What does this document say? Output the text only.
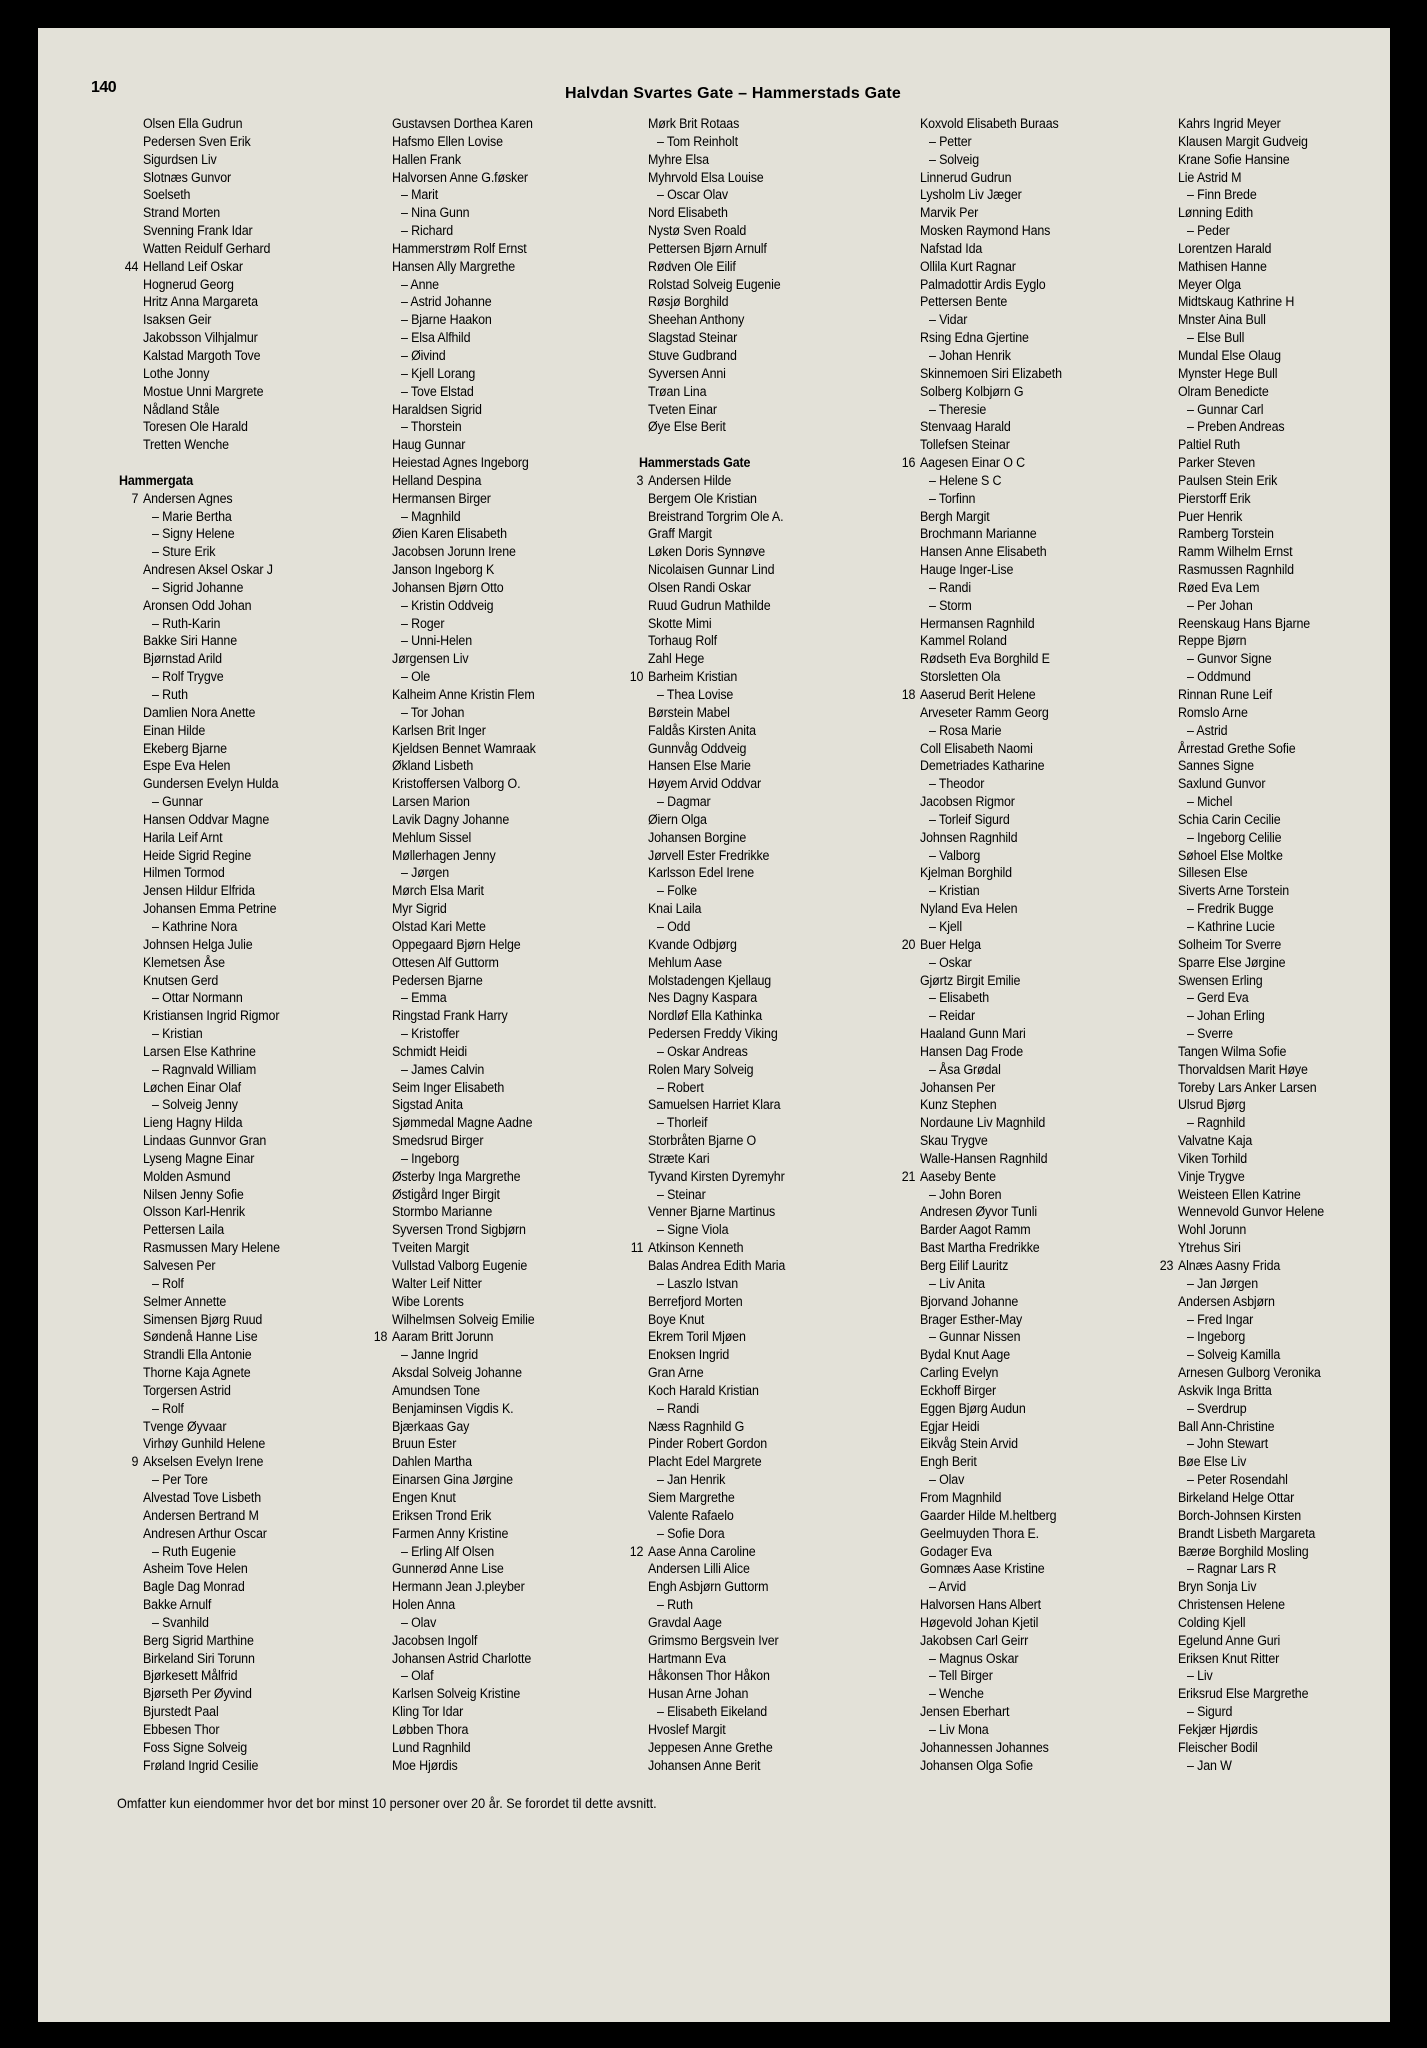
140	Halvdan Svartes Gate – Hammerstads Gate
Olsen Ella Gudrun
Pedersen Sven Erik
Sigurdsen Liv
Slotnæs Gunvor
Soelseth
Strand Morten
Svenning Frank Idar
Watten Reidulf Gerhard
44 Helland Leif Oskar
Hognerud Georg
Hritz Anna Margareta
Isaksen Geir
Jakobsson Vilhjalmur
Kalstad Margoth Tove
Lothe Jonny
Mostue Unni Margrete
Nådland Ståle
Toresen Ole Harald
Tretten Wenche
Hammergata
7 Andersen Agnes
– Marie Bertha
– Signy Helene
– Sture Erik
Andresen Aksel Oskar J
– Sigrid Johanne
Aronsen Odd Johan
– Ruth-Karin
Bakke Siri Hanne
Bjørnstad Arild
– Rolf Trygve
– Ruth
Damlien Nora Anette
Einan Hilde
Ekeberg Bjarne
Espe Eva Helen
Gundersen Evelyn Hulda
– Gunnar
Hansen Oddvar Magne
Harila Leif Arnt
Heide Sigrid Regine
Hilmen Tormod
Jensen Hildur Elfrida
Johansen Emma Petrine
– Kathrine Nora
Johnsen Helga Julie
Klemetsen Åse
Knutsen Gerd
– Ottar Normann
Kristiansen Ingrid Rigmor
– Kristian
Larsen Else Kathrine
– Ragnvald William
Løchen Einar Olaf
– Solveig Jenny
Lieng Hagny Hilda
Lindaas Gunnvor Gran
Lyseng Magne Einar
Molden Asmund
Nilsen Jenny Sofie
Olsson Karl-Henrik
Pettersen Laila
Rasmussen Mary Helene
Salvesen Per
– Rolf
Selmer Annette
Simensen Bjørg Ruud
Søndenå Hanne Lise
Strandli Ella Antonie
Thorne Kaja Agnete
Torgersen Astrid
– Rolf
Tvenge Øyvaar
Virhøy Gunhild Helene
9 Akselsen Evelyn Irene
– Per Tore
Alvestad Tove Lisbeth
Andersen Bertrand M
Andresen Arthur Oscar
– Ruth Eugenie
Asheim Tove Helen
Bagle Dag Monrad
Bakke Arnulf
– Svanhild
Berg Sigrid Marthine
Birkeland Siri Torunn
Bjørkesett Målfrid
Bjørseth Per Øyvind
Bjurstedt Paal
Ebbesen Thor
Foss Signe Solveig
Frøland Ingrid Cesilie
Gustavsen Dorthea Karen
Hafsmo Ellen Lovise
Hallen Frank
Halvorsen Anne G.føsker
– Marit
– Nina Gunn
– Richard
Hammerstrøm Rolf Ernst
Hansen Ally Margrethe
– Anne
– Astrid Johanne
– Bjarne Haakon
– Elsa Alfhild
– Øivind
– Kjell Lorang
– Tove Elstad
Haraldsen Sigrid
– Thorstein
Haug Gunnar
Heiestad Agnes Ingeborg
Helland Despina
Hermansen Birger
– Magnhild
Øien Karen Elisabeth
Jacobsen Jorunn Irene
Janson Ingeborg K
Johansen Bjørn Otto
– Kristin Oddveig
– Roger
– Unni-Helen
Jørgensen Liv
– Ole
Kalheim Anne Kristin Flem
– Tor Johan
Karlsen Brit Inger
Kjeldsen Bennet Wamraak
Økland Lisbeth
Kristoffersen Valborg O.
Larsen Marion
Lavik Dagny Johanne
Mehlum Sissel
Møllerhagen Jenny
– Jørgen
Mørch Elsa Marit
Myr Sigrid
Olstad Kari Mette
Oppegaard Bjørn Helge
Ottesen Alf Guttorm
Pedersen Bjarne
– Emma
Ringstad Frank Harry
– Kristoffer
Schmidt Heidi
– James Calvin
Seim Inger Elisabeth
Sigstad Anita
Sjømmedal Magne Aadne
Smedsrud Birger
– Ingeborg
Østerby Inga Margrethe
Østigård Inger Birgit
Stormbo Marianne
Syversen Trond Sigbjørn
Tveiten Margit
Vullstad Valborg Eugenie
Walter Leif Nitter
Wibe Lorents
Wilhelmsen Solveig Emilie
18 Aaram Britt Jorunn
– Janne Ingrid
Aksdal Solveig Johanne
Amundsen Tone
Benjaminsen Vigdis K.
Bjærkaas Gay
Bruun Ester
Dahlen Martha
Einarsen Gina Jørgine
Engen Knut
Eriksen Trond Erik
Farmen Anny Kristine
– Erling Alf Olsen
Gunnerød Anne Lise
Hermann Jean J.pleyber
Holen Anna
– Olav
Jacobsen Ingolf
Johansen Astrid Charlotte
– Olaf
Karlsen Solveig Kristine
Kling Tor Idar
Løbben Thora
Lund Ragnhild
Moe Hjørdis
Mørk Brit Rotaas
– Tom Reinholt
Myhre Elsa
Myhrvold Elsa Louise
– Oscar Olav
Nord Elisabeth
Nystø Sven Roald
Pettersen Bjørn Arnulf
Rødven Ole Eilif
Rolstad Solveig Eugenie
Røsjø Borghild
Sheehan Anthony
Slagstad Steinar
Stuve Gudbrand
Syversen Anni
Trøan Lina
Tveten Einar
Øye Else Berit
Hammerstads Gate
3 Andersen Hilde
Bergem Ole Kristian
Breistrand Torgrim Ole A.
Graff Margit
Løken Doris Synnøve
Nicolaisen Gunnar Lind
Olsen Randi Oskar
Ruud Gudrun Mathilde
Skotte Mimi
Torhaug Rolf
Zahl Hege
10 Barheim Kristian
– Thea Lovise
Børstein Mabel
Faldås Kirsten Anita
Gunnvåg Oddveig
Hansen Else Marie
Høyem Arvid Oddvar
– Dagmar
Øiern Olga
Johansen Borgine
Jørvell Ester Fredrikke
Karlsson Edel Irene
– Folke
Knai Laila
– Odd
Kvande Odbjørg
Mehlum Aase
Molstadengen Kjellaug
Nes Dagny Kaspara
Nordløf Ella Kathinka
Pedersen Freddy Viking
– Oskar Andreas
Rolen Mary Solveig
– Robert
Samuelsen Harriet Klara
– Thorleif
Storbråten Bjarne O
Stræte Kari
Tyvand Kirsten Dyremyhr
– Steinar
Venner Bjarne Martinus
– Signe Viola
11 Atkinson Kenneth
Balas Andrea Edith Maria
– Laszlo Istvan
Berrefjord Morten
Boye Knut
Ekrem Toril Mjøen
Enoksen Ingrid
Gran Arne
Koch Harald Kristian
– Randi
Næss Ragnhild G
Pinder Robert Gordon
Placht Edel Margrete
– Jan Henrik
Siem Margrethe
Valente Rafaelo
– Sofie Dora
12 Aase Anna Caroline
Andersen Lilli Alice
Engh Asbjørn Guttorm
– Ruth
Gravdal Aage
Grimsmo Bergsvein Iver
Hartmann Eva
Håkonsen Thor Håkon
Husan Arne Johan
– Elisabeth Eikeland
Hvoslef Margit
Jeppesen Anne Grethe
Johansen Anne Berit
Koxvold Elisabeth Buraas
– Petter
– Solveig
Linnerud Gudrun
Lysholm Liv Jæger
Marvik Per
Mosken Raymond Hans
Nafstad Ida
Ollila Kurt Ragnar
Palmadottir Ardis Eyglo
Pettersen Bente
– Vidar
Rsing Edna Gjertine
– Johan Henrik
Skinnemoen Siri Elizabeth
Solberg Kolbjørn G
– Theresie
Stenvaag Harald
Tollefsen Steinar
16 Aagesen Einar O C
– Helene S C
– Torfinn
Bergh Margit
Brochmann Marianne
Hansen Anne Elisabeth
Hauge Inger-Lise
– Randi
– Storm
Hermansen Ragnhild
Kammel Roland
Rødseth Eva Borghild E
Storsletten Ola
18 Aaserud Berit Helene
Arveseter Ramm Georg
– Rosa Marie
Coll Elisabeth Naomi
Demetriades Katharine
– Theodor
Jacobsen Rigmor
– Torleif Sigurd
Johnsen Ragnhild
– Valborg
Kjelman Borghild
– Kristian
Nyland Eva Helen
– Kjell
20 Buer Helga
– Oskar
Gjørtz Birgit Emilie
– Elisabeth
– Reidar
Haaland Gunn Mari
Hansen Dag Frode
– Åsa Grødal
Johansen Per
Kunz Stephen
Nordaune Liv Magnhild
Skau Trygve
Walle-Hansen Ragnhild
21 Aaseby Bente
– John Boren
Andresen Øyvor Tunli
Barder Aagot Ramm
Bast Martha Fredrikke
Berg Eilif Lauritz
– Liv Anita
Bjorvand Johanne
Brager Esther-May
– Gunnar Nissen
Bydal Knut Aage
Carling Evelyn
Eckhoff Birger
Eggen Bjørg Audun
Egjar Heidi
Eikvåg Stein Arvid
Engh Berit
– Olav
From Magnhild
Gaarder Hilde M.heltberg
Geelmuyden Thora E.
Godager Eva
Gomnæs Aase Kristine
– Arvid
Halvorsen Hans Albert
Høgevold Johan Kjetil
Jakobsen Carl Geirr
– Magnus Oskar
– Tell Birger
– Wenche
Jensen Eberhart
– Liv Mona
Johannessen Johannes
Johansen Olga Sofie
Kahrs Ingrid Meyer
Klausen Margit Gudveig
Krane Sofie Hansine
Lie Astrid M
– Finn Brede
Lønning Edith
– Peder
Lorentzen Harald
Mathisen Hanne
Meyer Olga
Midtskaug Kathrine H
Mnster Aina Bull
– Else Bull
Mundal Else Olaug
Mynster Hege Bull
Olram Benedicte
– Gunnar Carl
– Preben Andreas
Paltiel Ruth
Parker Steven
Paulsen Stein Erik
Pierstorff Erik
Puer Henrik
Ramberg Torstein
Ramm Wilhelm Ernst
Rasmussen Ragnhild
Røed Eva Lem
– Per Johan
Reenskaug Hans Bjarne
Reppe Bjørn
– Gunvor Signe
– Oddmund
Rinnan Rune Leif
Romslo Arne
– Astrid
Årrestad Grethe Sofie
Sannes Signe
Saxlund Gunvor
– Michel
Schia Carin Cecilie
– Ingeborg Celilie
Søhoel Else Moltke
Sillesen Else
Siverts Arne Torstein
– Fredrik Bugge
– Kathrine Lucie
Solheim Tor Sverre
Sparre Else Jørgine
Swensen Erling
– Gerd Eva
– Johan Erling
– Sverre
Tangen Wilma Sofie
Thorvaldsen Marit Høye
Toreby Lars Anker Larsen
Ulsrud Bjørg
– Ragnhild
Valvatne Kaja
Viken Torhild
Vinje Trygve
Weisteen Ellen Katrine
Wennevold Gunvor Helene
Wohl Jorunn
Ytrehus Siri
23 Alnæs Aasny Frida
– Jan Jørgen
Andersen Asbjørn
– Fred Ingar
– Ingeborg
– Solveig Kamilla
Arnesen Gulborg Veronika
Askvik Inga Britta
– Sverdrup
Ball Ann-Christine
– John Stewart
Bøe Else Liv
– Peter Rosendahl
Birkeland Helge Ottar
Borch-Johnsen Kirsten
Brandt Lisbeth Margareta
Bærøe Borghild Mosling
– Ragnar Lars R
Bryn Sonja Liv
Christensen Helene
Colding Kjell
Egelund Anne Guri
Eriksen Knut Ritter
– Liv
Eriksrud Else Margrethe
– Sigurd
Fekjær Hjørdis
Fleischer Bodil
– Jan W
Omfatter kun eiendommer hvor det bor minst 10 personer over 20 år. Se forordet til dette avsnitt.
